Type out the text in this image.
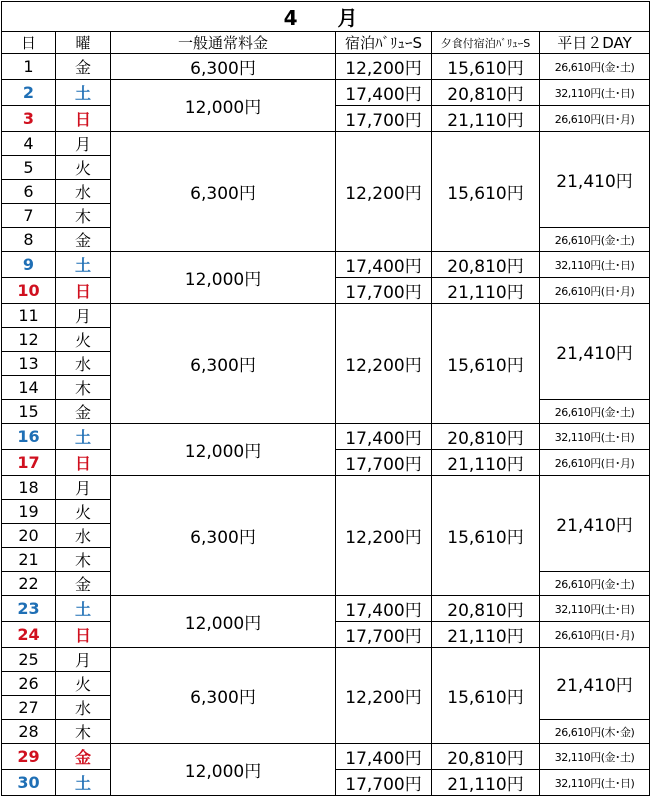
4　月					
日	曜	一般通常料金	宿泊ﾊﾞﾘｭｰS	夕食付宿泊ﾊﾞﾘｭｰS	平日２DAY
1	金	6,300円	12,200円	15,610円	26,610円(金･土)
2	土	12,000円	17,400円	20,810円	32,110円(土･日)
3	日		17,700円	21,110円	26,610円(日･月)
4	月	6,300円	12,200円	15,610円	21,410円
5	火				
6	水				
7	木				
8	金				26,610円(金･土)
9	土	12,000円	17,400円	20,810円	32,110円(土･日)
10	日		17,700円	21,110円	26,610円(日･月)
11	月	6,300円	12,200円	15,610円	21,410円
12	火				
13	水				
14	木				
15	金				26,610円(金･土)
16	土	12,000円	17,400円	20,810円	32,110円(土･日)
17	日		17,700円	21,110円	26,610円(日･月)
18	月	6,300円	12,200円	15,610円	21,410円
19	火				
20	水				
21	木				
22	金				26,610円(金･土)
23	土	12,000円	17,400円	20,810円	32,110円(土･日)
24	日		17,700円	21,110円	26,610円(日･月)
25	月	6,300円	12,200円	15,610円	21,410円
26	火				
27	水				
28	木				26,610円(木･金)
29	金	12,000円	17,400円	20,810円	32,110円(金･土)
30	土		17,700円	21,110円	32,110円(土･日)
